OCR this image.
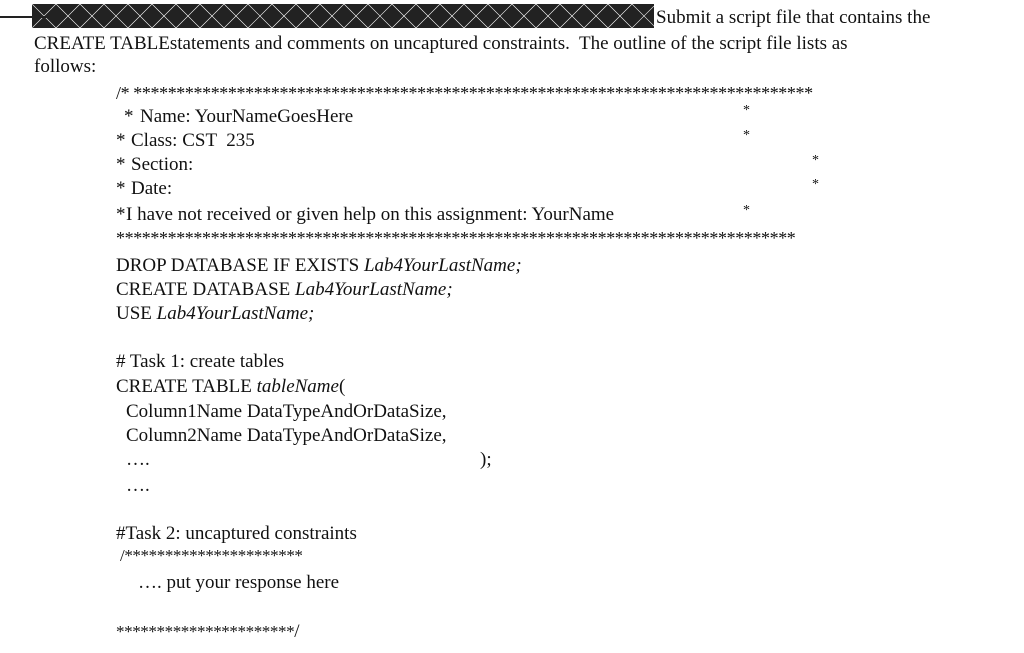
Submit a script file that contains the
CREATE TABLEstatements and comments on uncaptured constraints.  The outline of the script file lists as
follows:
/* *******************************************************************************
* Name: YourNameGoesHere	*
* Class: CST  235	*
* Section:	*
* Date:	*
* I have not received or given help on this assignment: YourName	*
*******************************************************************************
DROP DATABASE IF EXISTS Lab4YourLastName;
CREATE DATABASE Lab4YourLastName;
USE Lab4YourLastName;
# Task 1: create tables
CREATE TABLE tableName(
Column1Name DataTypeAndOrDataSize,
Column2Name DataTypeAndOrDataSize,
….	);
….
#Task 2: uncaptured constraints
/**********************
…. put your response here
**********************/
